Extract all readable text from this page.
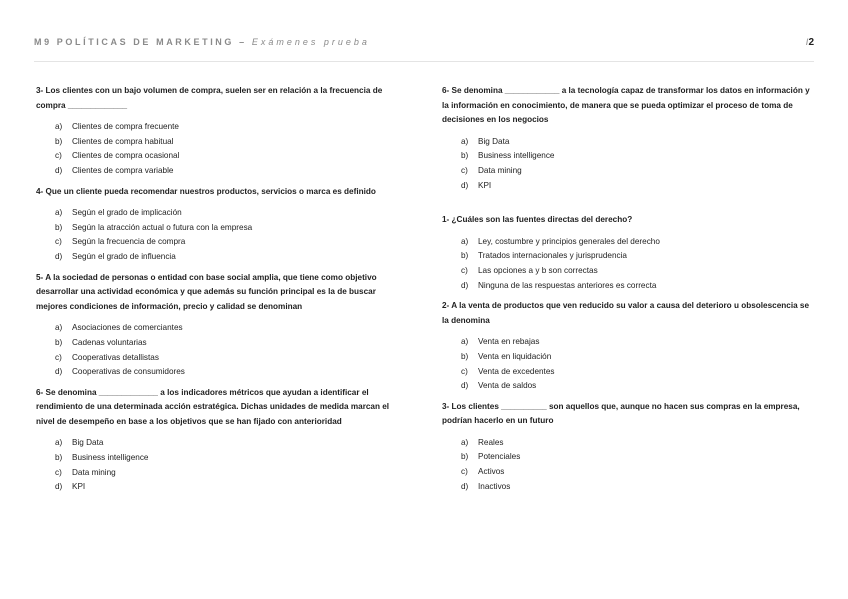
M9 POLÍTICAS DE MARKETING – Exámenes prueba	/2
3- Los clientes con un bajo volumen de compra, suelen ser en relación a la frecuencia de compra _____________
a) Clientes de compra frecuente
b) Clientes de compra habitual
c) Clientes de compra ocasional
d) Clientes de compra variable
4- Que un cliente pueda recomendar nuestros productos, servicios o marca es definido
a) Según el grado de implicación
b) Según la atracción actual o futura con la empresa
c) Según la frecuencia de compra
d) Según el grado de influencia
5- A la sociedad de personas o entidad con base social amplia, que tiene como objetivo desarrollar una actividad económica y que además su función principal es la de buscar mejores condiciones de información, precio y calidad se denominan
a) Asociaciones de comerciantes
b) Cadenas voluntarias
c) Cooperativas detallistas
d) Cooperativas de consumidores
6- Se denomina _____________ a los indicadores métricos que ayudan a identificar el rendimiento de una determinada acción estratégica. Dichas unidades de medida marcan el nivel de desempeño en base a los objetivos que se han fijado con anterioridad
a) Big Data
b) Business intelligence
c) Data mining
d) KPI
6- Se denomina ____________ a la tecnología capaz de transformar los datos en información y la información en conocimiento, de manera que se pueda optimizar el proceso de toma de decisiones en los negocios
a) Big Data
b) Business intelligence
c) Data mining
d) KPI
1- ¿Cuáles son las fuentes directas del derecho?
a) Ley, costumbre y principios generales del derecho
b) Tratados internacionales y jurisprudencia
c) Las opciones a y b son correctas
d) Ninguna de las respuestas anteriores es correcta
2- A la venta de productos que ven reducido su valor a causa del deterioro u obsolescencia se la denomina
a) Venta en rebajas
b) Venta en liquidación
c) Venta de excedentes
d) Venta de saldos
3- Los clientes __________ son aquellos que, aunque no hacen sus compras en la empresa, podrían hacerlo en un futuro
a) Reales
b) Potenciales
c) Activos
d) Inactivos
